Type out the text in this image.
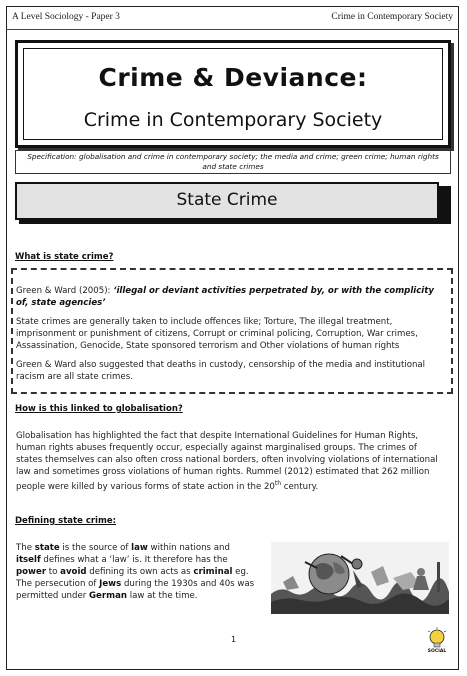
A Level Sociology - Paper 3	Crime in Contemporary Society
Crime & Deviance:
Crime in Contemporary Society
Specification: globalisation and crime in contemporary society; the media and crime; green crime; human rights and state crimes
State Crime
What is state crime?
Green & Ward (2005): ‘illegal or deviant activities perpetrated by, or with the complicity of, state agencies’
State crimes are generally taken to include offences like; Torture, The illegal treatment, imprisonment or punishment of citizens, Corrupt or criminal policing, Corruption, War crimes, Assassination, Genocide, State sponsored terrorism and Other violations of human rights
Green & Ward also suggested that deaths in custody, censorship of the media and institutional racism are all state crimes.
How is this linked to globalisation?
Globalisation has highlighted the fact that despite International Guidelines for Human Rights, human rights abuses frequently occur, especially against marginalised groups. The crimes of states themselves can also often cross national borders, often involving violations of international law and sometimes gross violations of human rights. Rummel (2012) estimated that 262 million people were killed by various forms of state action in the 20th century.
Defining state crime:
The state is the source of law within nations and itself defines what a ‘law’ is. It therefore has the power to avoid defining its own acts as criminal eg. The persecution of Jews during the 1930s and 40s was permitted under German law at the time.
1
SOCIAL
